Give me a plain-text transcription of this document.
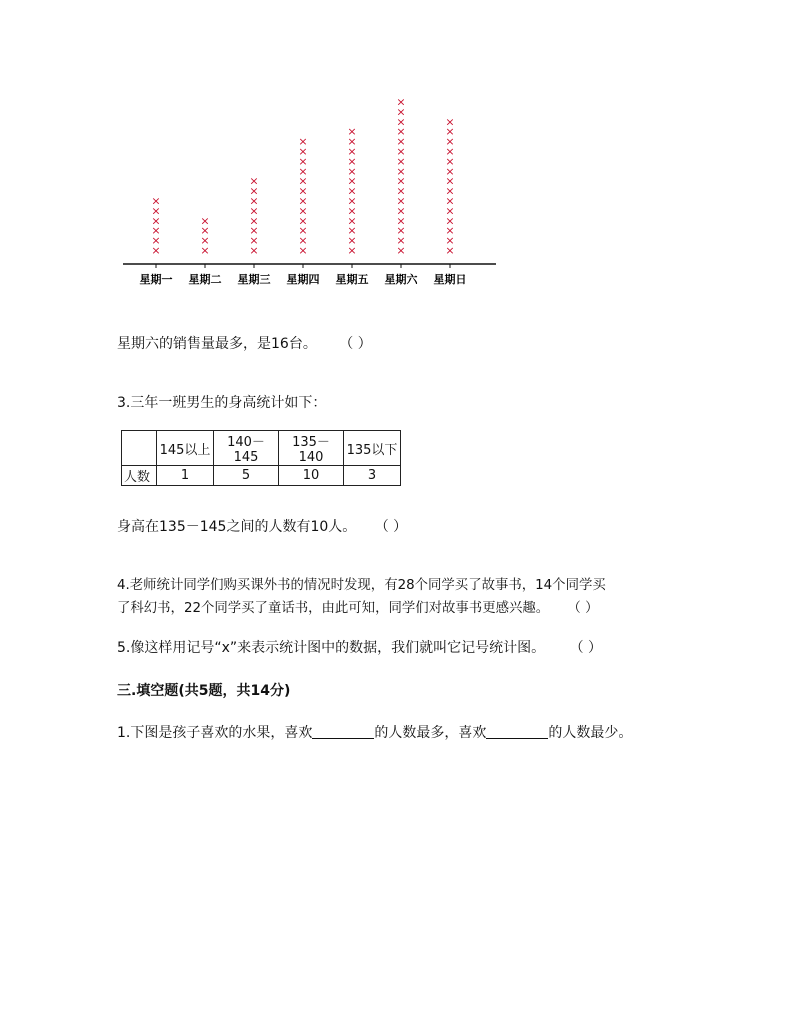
×
×
×
×
×
×
×
×
×
×
×
×
×
×
×
×
×
×
×
×
×
×
×
×
×
×
×
×
×
×
×
×
×
×
×
×
×
×
×
×
×
×
×
×
×
×
×
×
×
×
×
×
×
×
×
×
×
×
×
×
×
×
×
×
×
×
×
×
×
×
×
×
×
星期一 星期二 星期三 星期四 星期五 星期六 星期日
星期六的销售量最多，是16台。 （ ）
3.三年一班男生的身高统计如下：
	145以上	140－145	135－140	135以下
人数	1	5	10	3
身高在135－145之间的人数有10人。 （ ）
4.老师统计同学们购买课外书的情况时发现，有28个同学买了故事书，14个同学买
了科幻书，22个同学买了童话书，由此可知，同学们对故事书更感兴趣。 （ ）
5.像这样用记号“x”来表示统计图中的数据，我们就叫它记号统计图。 （ ）
三.填空题(共5题，共14分)
1.下图是孩子喜欢的水果，喜欢	的人数最多，喜欢	的人数最少。
